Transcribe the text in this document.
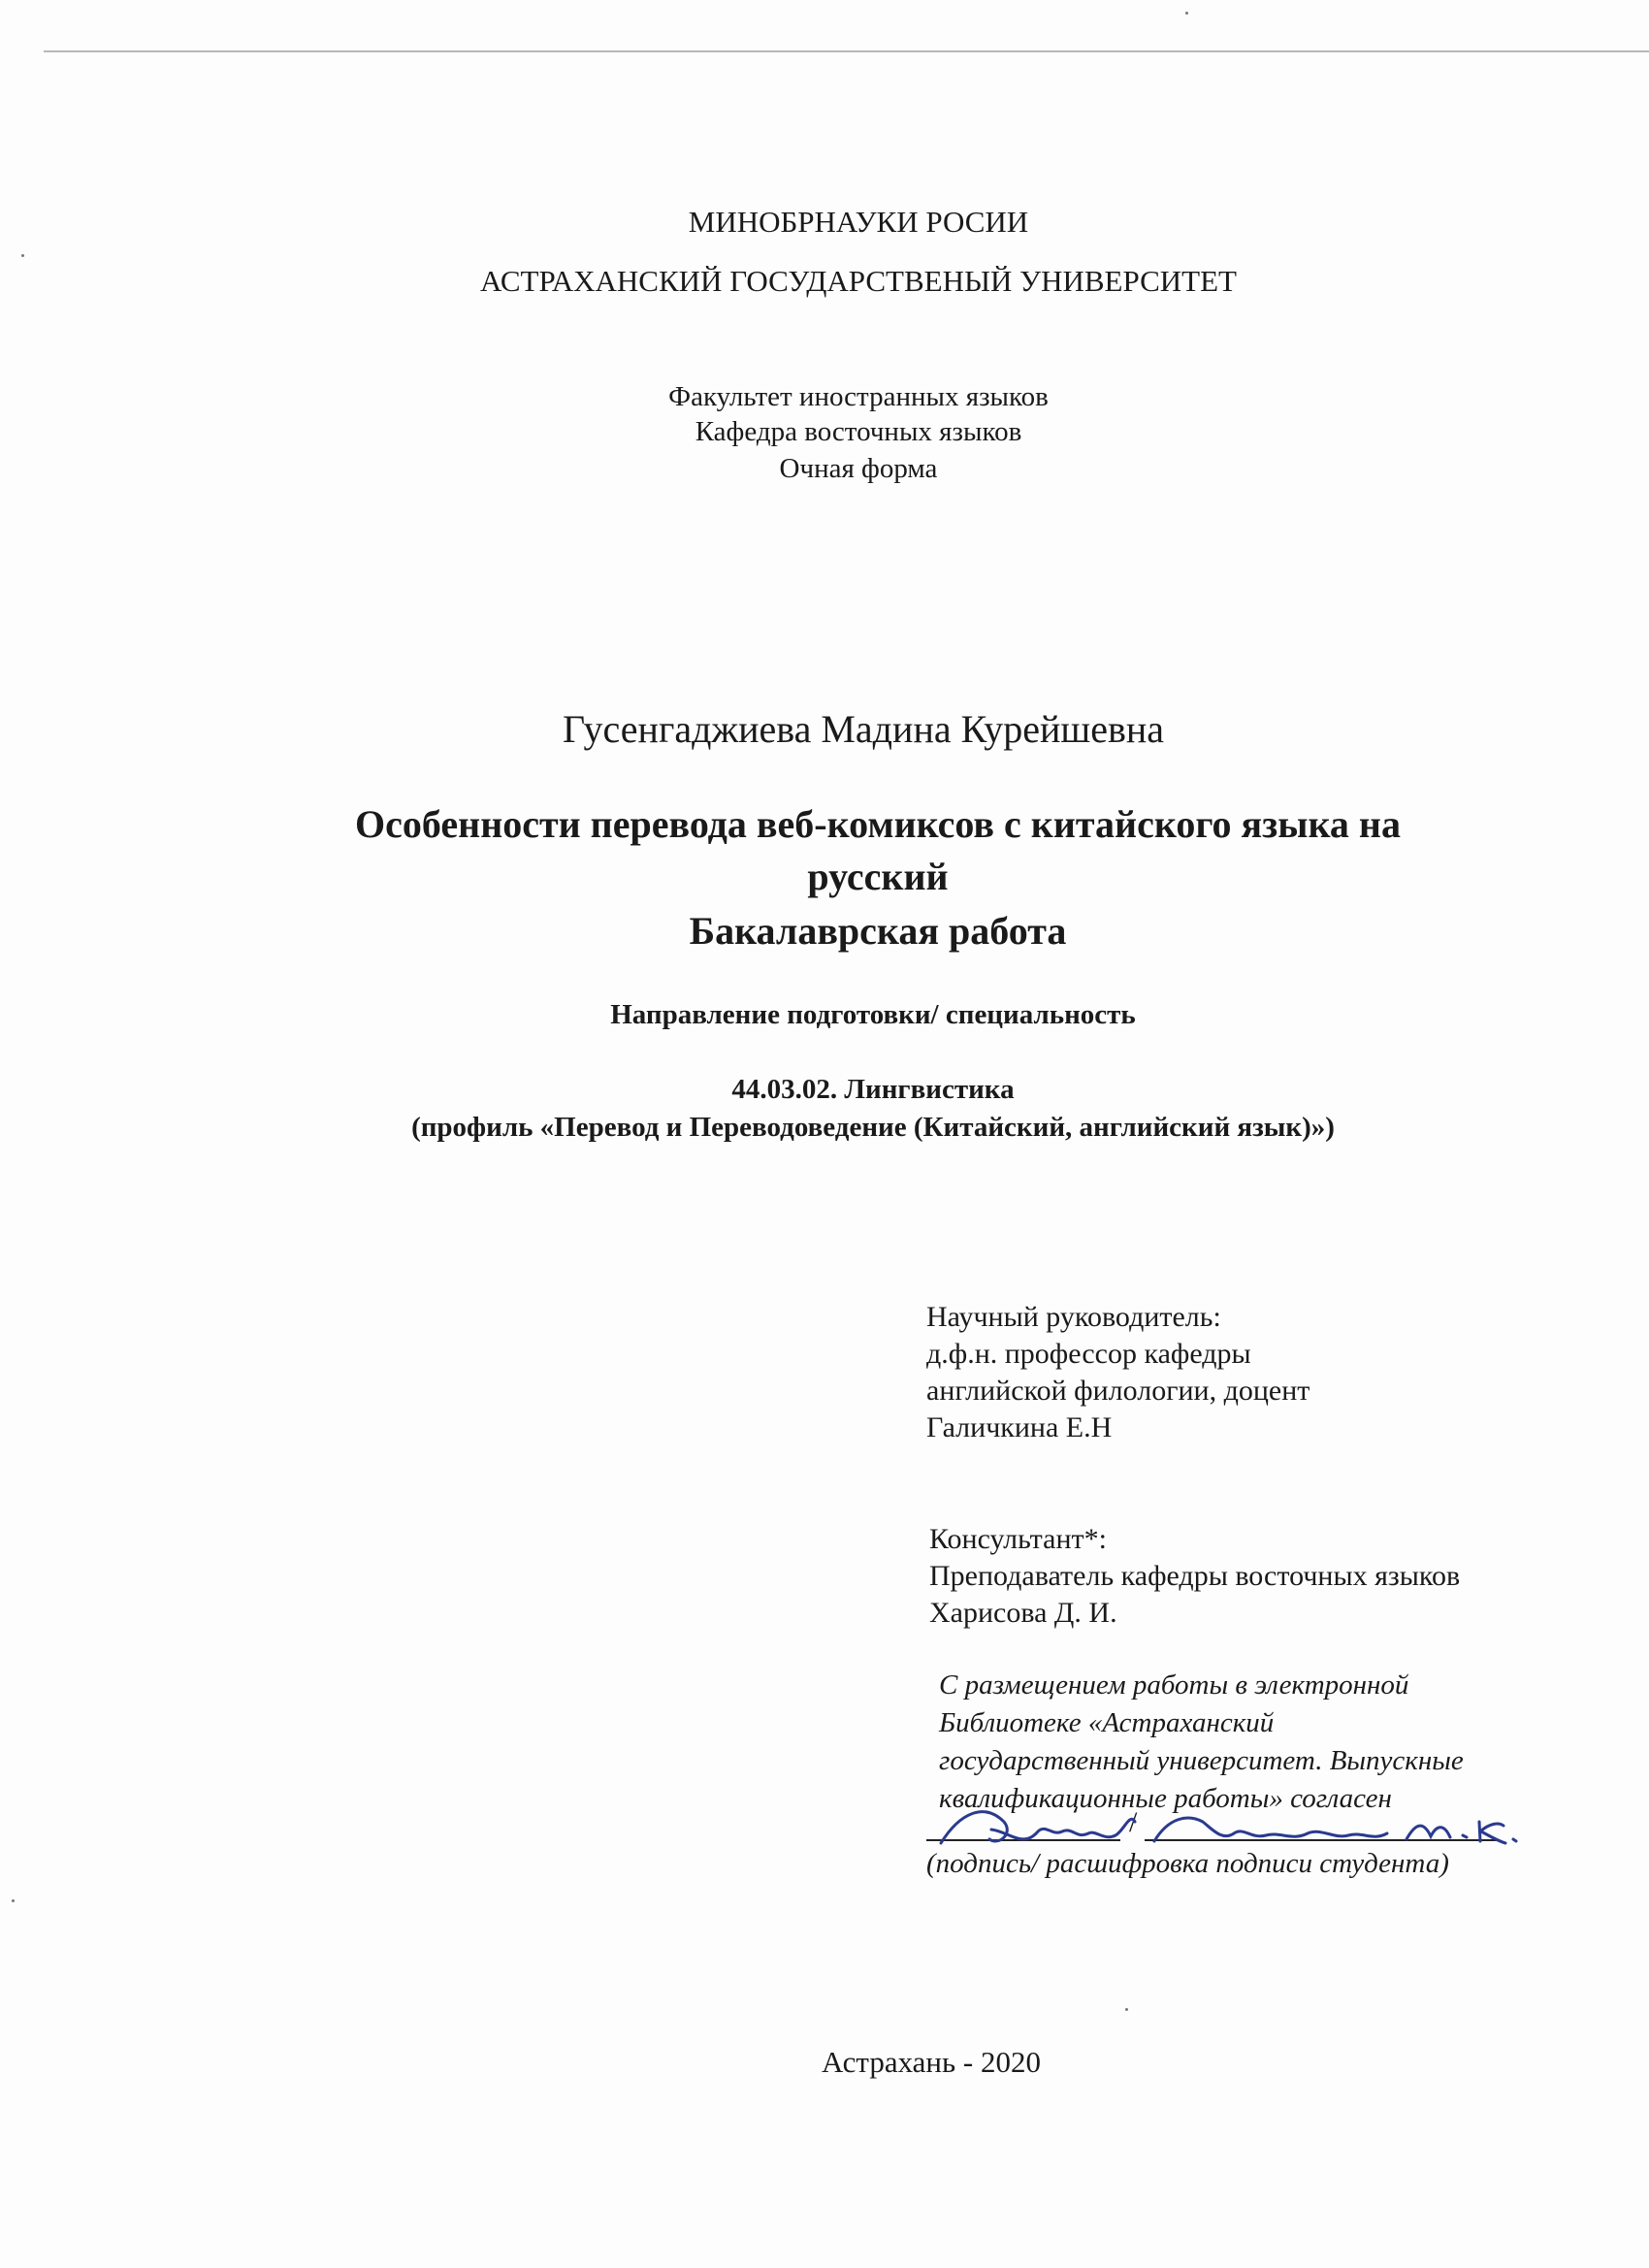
МИНОБРНАУКИ РОСИИ
АСТРАХАНСКИЙ ГОСУДАРСТВЕНЫЙ УНИВЕРСИТЕТ
Факультет иностранных языков
Кафедра восточных языков
Очная форма
Гусенгаджиева Мадина Курейшевна
Особенности перевода веб-комиксов с китайского языка на
русский
Бакалаврская работа
Направление подготовки/ специальность
44.03.02. Лингвистика
(профиль «Перевод и Переводоведение (Китайский, английский язык)»)
Научный руководитель:
д.ф.н. профессор кафедры
английской филологии, доцент
Галичкина Е.Н
Консультант*:
Преподаватель кафедры восточных языков
Харисова Д. И.
С размещением работы в электронной
Библиотеке «Астраханский
государственный университет. Выпускные
квалификационные работы» согласен
/
(подпись/ расшифровка подписи студента)
Астрахань - 2020
